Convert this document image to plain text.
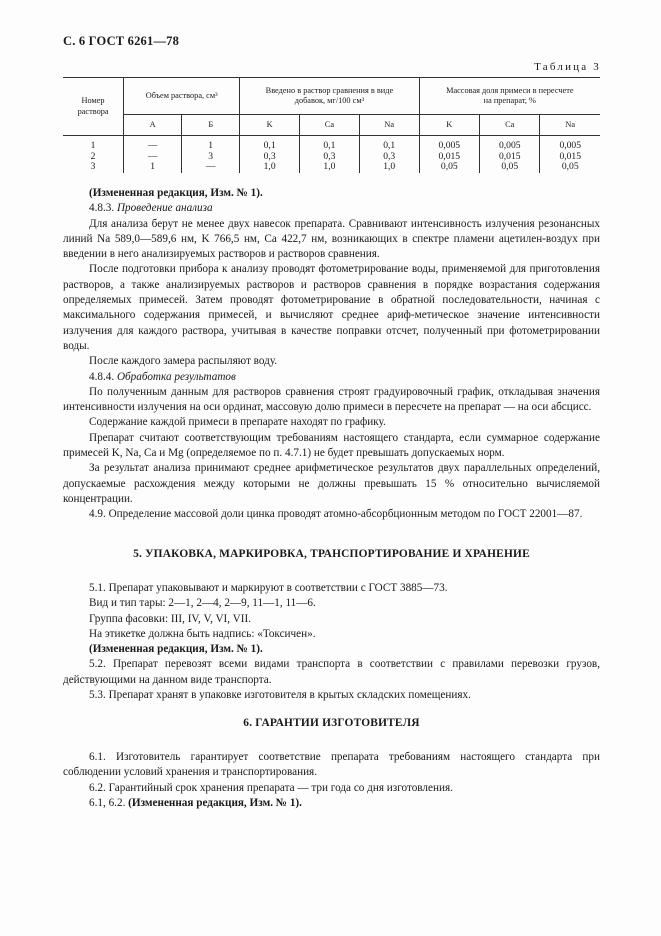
С. 6 ГОСТ 6261—78
Таблица 3
Номер
раствора	Объем раствора, см³		Введено в раствор сравнения в виде
добавок, мг/100 см³			Массовая доля примеси в пересчете
на препарат, %		
	А	Б	K	Ca	Na	K	Ca	Na
1	—	1	0,1	0,1	0,1	0,005	0,005	0,005
2	—	3	0,3	0,3	0,3	0,015	0,015	0,015
3	1	—	1,0	1,0	1,0	0,05	0,05	0,05

(Измененная редакция, Изм. № 1).

4.8.3. Проведение анализа

Для анализа берут не менее двух навесок препарата. Сравнивают интенсивность излучения резонансных линий Na 589,0—589,6 нм, K 766,5 нм, Ca 422,7 нм, возникающих в спектре пламени ацетилен-воздух при введении в него анализируемых растворов и растворов сравнения.

После подготовки прибора к анализу проводят фотометрирование воды, применяемой для приготовления растворов, а также анализируемых растворов и растворов сравнения в порядке возрастания содержания определяемых примесей. Затем проводят фотометрирование в обратной последовательности, начиная с максимального содержания примесей, и вычисляют среднее ариф-метическое значение интенсивности излучения для каждого раствора, учитывая в качестве поправки отсчет, полученный при фотометрировании воды.

После каждого замера распыляют воду.

4.8.4. Обработка результатов

По полученным данным для растворов сравнения строят градуировочный график, откладывая значения интенсивности излучения на оси ординат, массовую долю примеси в пересчете на препарат — на оси абсцисс.

Содержание каждой примеси в препарате находят по графику.

Препарат считают соответствующим требованиям настоящего стандарта, если суммарное содержание примесей K, Na, Ca и Mg (определяемое по п. 4.7.1) не будет превышать допускаемых норм.

За результат анализа принимают среднее арифметическое результатов двух параллельных определений, допускаемые расхождения между которыми не должны превышать 15 % относительно вычисляемой концентрации.

4.9. Определение массовой доли цинка проводят атомно-абсорбционным методом по ГОСТ 22001—87.

5. УПАКОВКА, МАРКИРОВКА, ТРАНСПОРТИРОВАНИЕ И ХРАНЕНИЕ

5.1. Препарат упаковывают и маркируют в соответствии с ГОСТ 3885—73.

Вид и тип тары: 2—1, 2—4, 2—9, 11—1, 11—6.

Группа фасовки: III, IV, V, VI, VII.

На этикетке должна быть надпись: «Токсичен».

(Измененная редакция, Изм. № 1).

5.2. Препарат перевозят всеми видами транспорта в соответствии с правилами перевозки грузов, действующими на данном виде транспорта.

5.3. Препарат хранят в упаковке изготовителя в крытых складских помещениях.

6. ГАРАНТИИ ИЗГОТОВИТЕЛЯ

6.1. Изготовитель гарантирует соответствие препарата требованиям настоящего стандарта при соблюдении условий хранения и транспортирования.

6.2. Гарантийный срок хранения препарата — три года со дня изготовления.

6.1, 6.2. (Измененная редакция, Изм. № 1).
